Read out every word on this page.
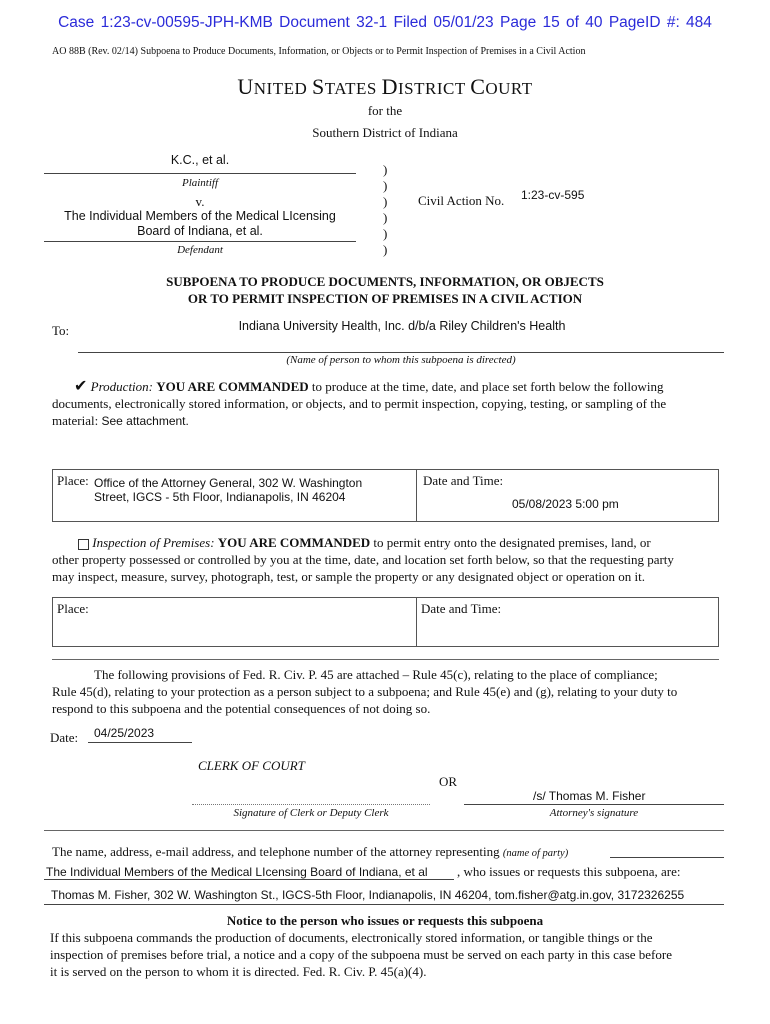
Case 1:23-cv-00595-JPH-KMB Document 32-1 Filed 05/01/23 Page 15 of 40 PageID #: 484
AO 88B (Rev. 02/14) Subpoena to Produce Documents, Information, or Objects or to Permit Inspection of Premises in a Civil Action
UNITED STATES DISTRICT COURT
for the
Southern District of Indiana
K.C., et al.
Plaintiff
v.
The Individual Members of the Medical LIcensing
Board of Indiana, et al.
Defendant
)
)
)
)
)
)
Civil Action No. 1:23-cv-595
SUBPOENA TO PRODUCE DOCUMENTS, INFORMATION, OR OBJECTS
OR TO PERMIT INSPECTION OF PREMISES IN A CIVIL ACTION
To:	Indiana University Health, Inc. d/b/a Riley Children's Health
(Name of person to whom this subpoena is directed)
✔ Production: YOU ARE COMMANDED to produce at the time, date, and place set forth below the following
documents, electronically stored information, or objects, and to permit inspection, copying, testing, or sampling of the
material: See attachment.
Place: Office of the Attorney General, 302 W. Washington
Street, IGCS - 5th Floor, Indianapolis, IN 46204
Date and Time:
05/08/2023 5:00 pm
Inspection of Premises: YOU ARE COMMANDED to permit entry onto the designated premises, land, or
other property possessed or controlled by you at the time, date, and location set forth below, so that the requesting party
may inspect, measure, survey, photograph, test, or sample the property or any designated object or operation on it.
Place:	Date and Time:
The following provisions of Fed. R. Civ. P. 45 are attached – Rule 45(c), relating to the place of compliance;
Rule 45(d), relating to your protection as a person subject to a subpoena; and Rule 45(e) and (g), relating to your duty to
respond to this subpoena and the potential consequences of not doing so.
Date: 04/25/2023
CLERK OF COURT
OR
/s/ Thomas M. Fisher
Signature of Clerk or Deputy Clerk	Attorney's signature
The name, address, e-mail address, and telephone number of the attorney representing (name of party)
The Individual Members of the Medical LIcensing Board of Indiana, et al , who issues or requests this subpoena, are:
Thomas M. Fisher, 302 W. Washington St., IGCS-5th Floor, Indianapolis, IN 46204, tom.fisher@atg.in.gov, 3172326255
Notice to the person who issues or requests this subpoena
If this subpoena commands the production of documents, electronically stored information, or tangible things or the
inspection of premises before trial, a notice and a copy of the subpoena must be served on each party in this case before
it is served on the person to whom it is directed. Fed. R. Civ. P. 45(a)(4).
